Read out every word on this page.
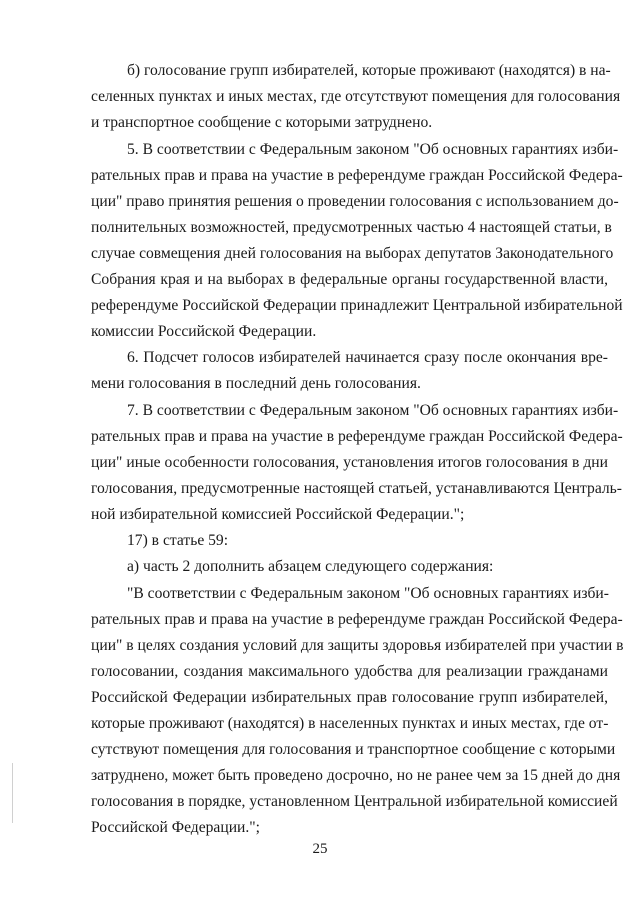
б) голосование групп избирателей, которые проживают (находятся) в на-
селенных пунктах и иных местах, где отсутствуют помещения для голосования
и транспортное сообщение с которыми затруднено.
5. В соответствии с Федеральным законом "Об основных гарантиях изби-
рательных прав и права на участие в референдуме граждан Российской Федера-
ции" право принятия решения о проведении голосования с использованием до-
полнительных возможностей, предусмотренных частью 4 настоящей статьи, в
случае совмещения дней голосования на выборах депутатов Законодательного
Собрания края и на выборах в федеральные органы государственной власти,
референдуме Российской Федерации принадлежит Центральной избирательной
комиссии Российской Федерации.
6. Подсчет голосов избирателей начинается сразу после окончания вре-
мени голосования в последний день голосования.
7. В соответствии с Федеральным законом "Об основных гарантиях изби-
рательных прав и права на участие в референдуме граждан Российской Федера-
ции" иные особенности голосования, установления итогов голосования в дни
голосования, предусмотренные настоящей статьей, устанавливаются Централь-
ной избирательной комиссией Российской Федерации.";
17) в статье 59:
а) часть 2 дополнить абзацем следующего содержания:
"В соответствии с Федеральным законом "Об основных гарантиях изби-
рательных прав и права на участие в референдуме граждан Российской Федера-
ции" в целях создания условий для защиты здоровья избирателей при участии в
голосовании, создания максимального удобства для реализации гражданами
Российской Федерации избирательных прав голосование групп избирателей,
которые проживают (находятся) в населенных пунктах и иных местах, где от-
сутствуют помещения для голосования и транспортное сообщение с которыми
затруднено, может быть проведено досрочно, но не ранее чем за 15 дней до дня
голосования в порядке, установленном Центральной избирательной комиссией
Российской Федерации.";
25
